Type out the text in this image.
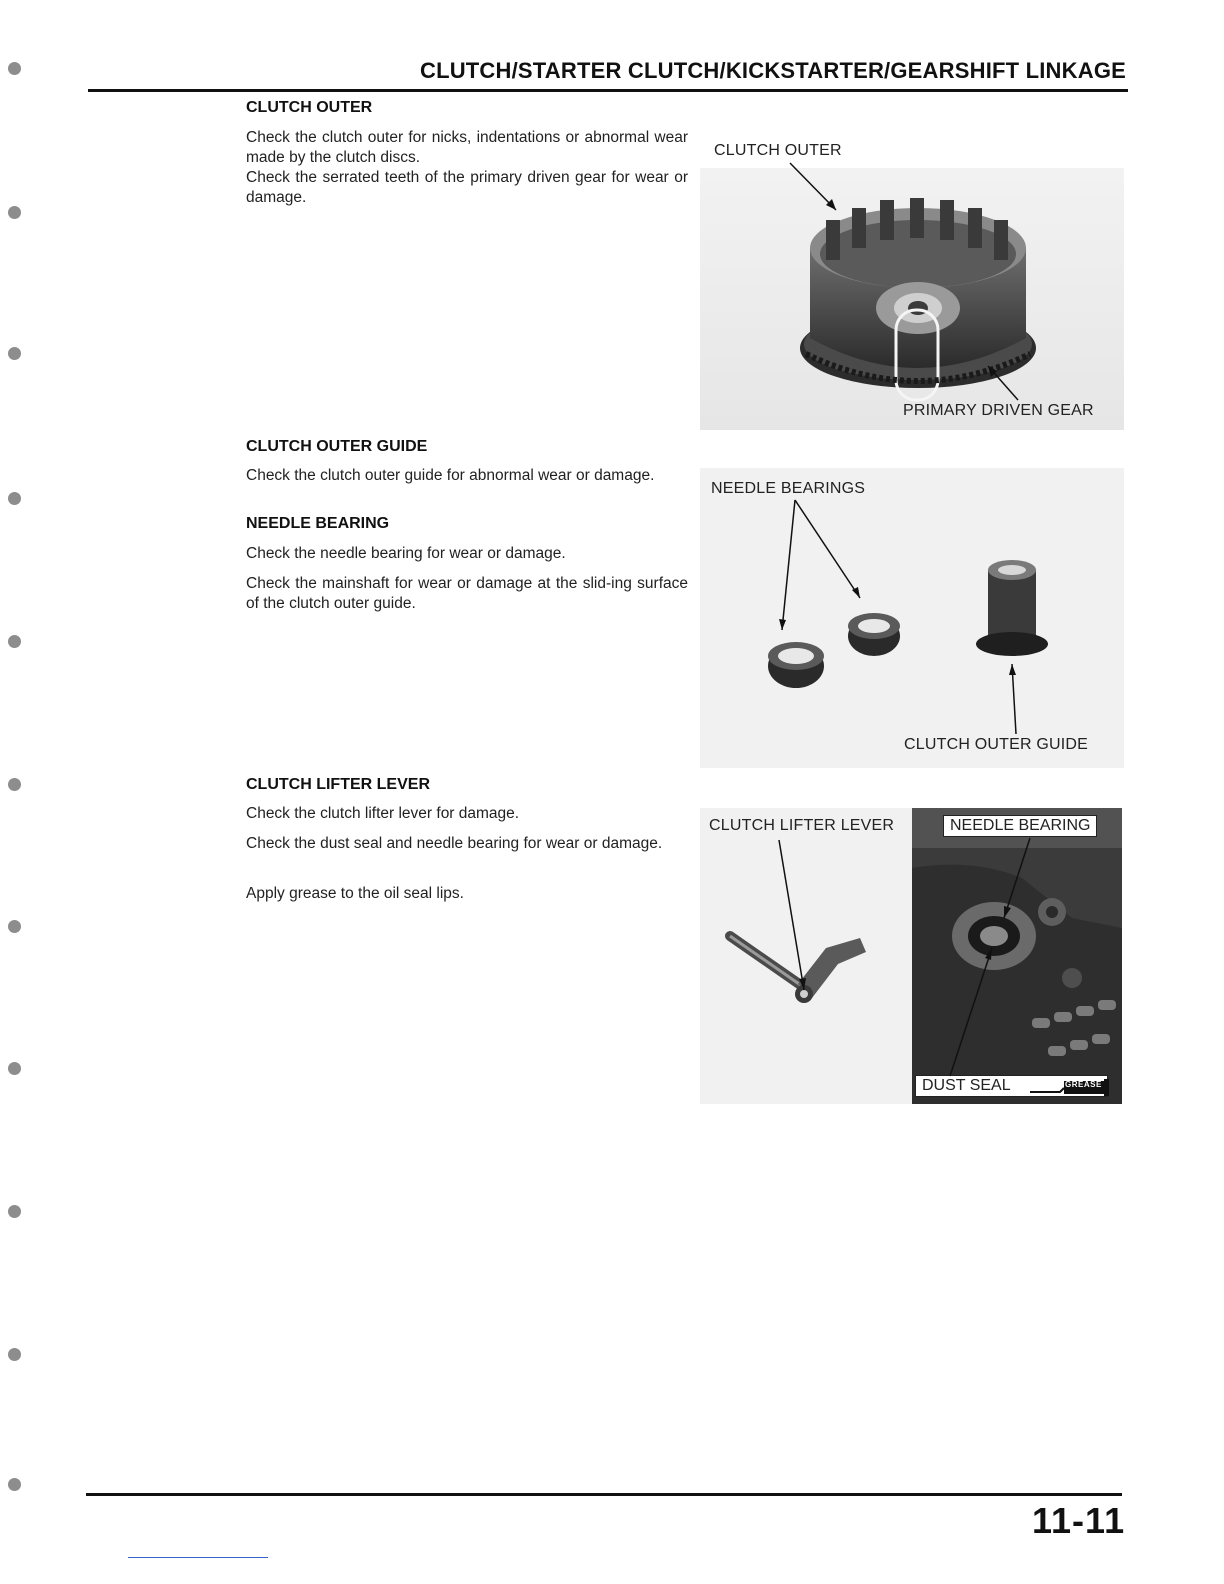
CLUTCH/STARTER CLUTCH/KICKSTARTER/GEARSHIFT LINKAGE
CLUTCH OUTER
Check the clutch outer for nicks, indentations or abnormal wear made by the clutch discs.
Check the serrated teeth of the primary driven gear for wear or damage.
CLUTCH OUTER GUIDE
Check the clutch outer guide for abnormal wear or damage.
NEEDLE BEARING
Check the needle bearing for wear or damage.
Check the mainshaft for wear or damage at the slid-ing surface of the clutch outer guide.
CLUTCH LIFTER LEVER
Check the clutch lifter lever for damage.
Check the dust seal and needle bearing for wear or damage.
Apply grease to the oil seal lips.
CLUTCH OUTER
PRIMARY DRIVEN GEAR
NEEDLE BEARINGS
CLUTCH OUTER GUIDE
CLUTCH LIFTER LEVER	NEEDLE BEARING
DUST SEAL	GREASE
11-11
